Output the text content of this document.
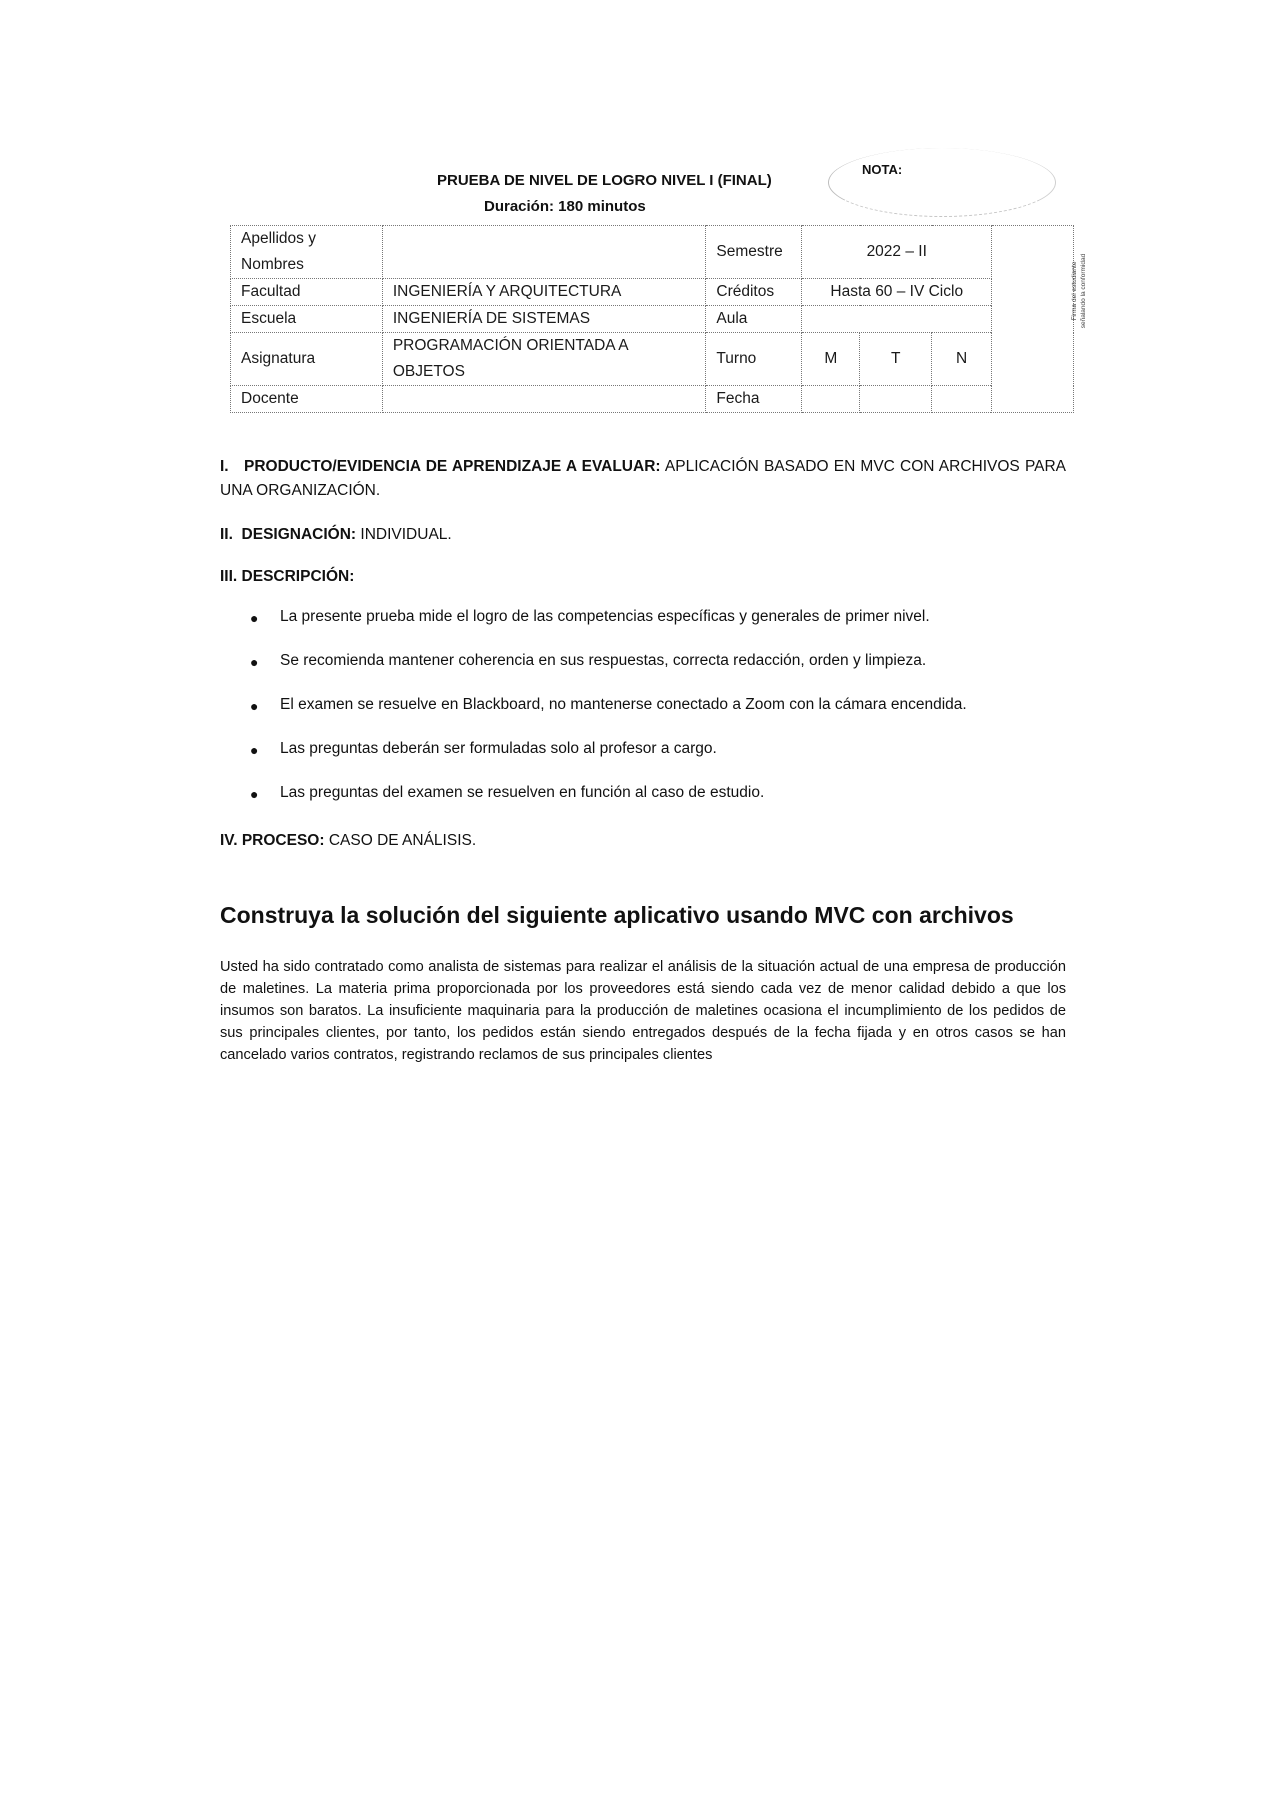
PRUEBA DE NIVEL DE LOGRO NIVEL I (FINAL)
Duración: 180 minutos
NOTA:
Apellidos y Nombres		Semestre	2022 – II			
Facultad	INGENIERÍA Y ARQUITECTURA	Créditos	Hasta 60 – IV Ciclo			
Escuela	INGENIERÍA DE SISTEMAS	Aula				
Asignatura	PROGRAMACIÓN ORIENTADA A OBJETOS	Turno	M	T	N	
Docente		Fecha				
Firma del estudiante señalando la conformidad
I. PRODUCTO/EVIDENCIA DE APRENDIZAJE A EVALUAR: APLICACIÓN BASADO EN MVC CON ARCHIVOS PARA UNA ORGANIZACIÓN.
II. DESIGNACIÓN: INDIVIDUAL.
III. DESCRIPCIÓN:
● La presente prueba mide el logro de las competencias específicas y generales de primer nivel.
● Se recomienda mantener coherencia en sus respuestas, correcta redacción, orden y limpieza.
● El examen se resuelve en Blackboard, no mantenerse conectado a Zoom con la cámara encendida.
● Las preguntas deberán ser formuladas solo al profesor a cargo.
● Las preguntas del examen se resuelven en función al caso de estudio.
IV. PROCESO: CASO DE ANÁLISIS.
Construya la solución del siguiente aplicativo usando MVC con archivos
Usted ha sido contratado como analista de sistemas para realizar el análisis de la situación actual de una empresa de producción de maletines. La materia prima proporcionada por los proveedores está siendo cada vez de menor calidad debido a que los insumos son baratos. La insuficiente maquinaria para la producción de maletines ocasiona el incumplimiento de los pedidos de sus principales clientes, por tanto, los pedidos están siendo entregados después de la fecha fijada y en otros casos se han cancelado varios contratos, registrando reclamos de sus principales clientes
